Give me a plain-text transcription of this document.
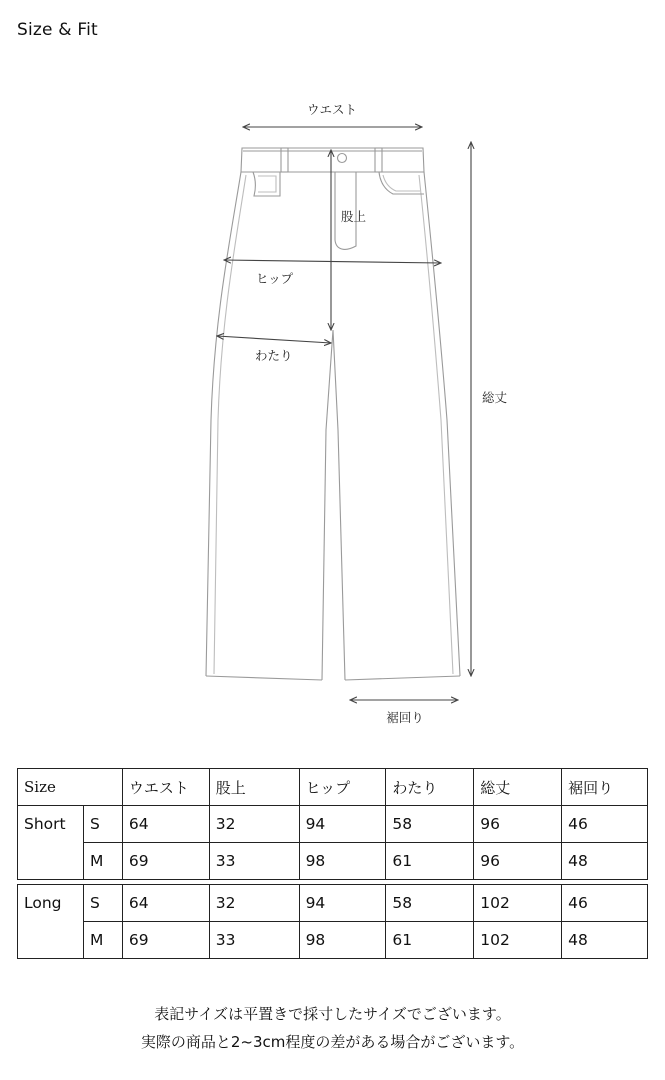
Size & Fit
ウエスト
股上
ヒップ
わたり
総丈
裾回り
Size		ウエスト	股上	ヒップ	わたり	総丈	裾回り
Short	S	64	32	94	58	96	46
	M	69	33	98	61	96	48

Long	S	64	32	94	58	102	46
	M	69	33	98	61	102	48
表記サイズは平置きで採寸したサイズでございます。
実際の商品と2~3cm程度の差がある場合がございます。
